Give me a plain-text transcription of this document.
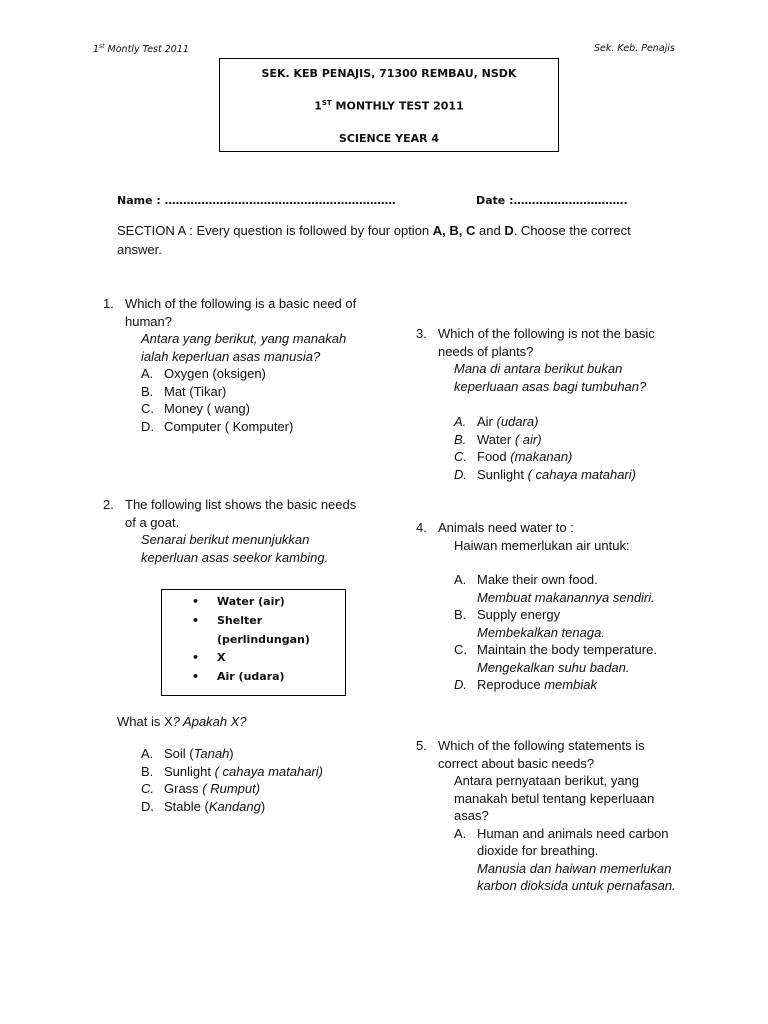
1st Montly Test 2011	Sek. Keb. Penajis
SEK. KEB PENAJIS, 71300 REMBAU, NSDK
1ST MONTHLY TEST 2011
SCIENCE YEAR 4
Name : ………………………………………………………	Date :………………………….
SECTION A : Every question is followed by four option A, B, C and D. Choose the correct answer.
1. Which of the following is a basic need of human?
Antara yang berikut, yang manakah ialah keperluan asas manusia?
A. Oxygen (oksigen)
B. Mat (Tikar)
C. Money ( wang)
D. Computer ( Komputer)
2. The following list shows the basic needs of a goat.
Senarai berikut menunjukkan keperluan asas seekor kambing.
• Water (air)
• Shelter
(perlindungan)
• X
• Air (udara)
What is X? Apakah X?
A. Soil (Tanah)
B. Sunlight ( cahaya matahari)
C. Grass ( Rumput)
D. Stable (Kandang)
3. Which of the following is not the basic needs of plants?
Mana di antara berikut bukan keperluaan asas bagi tumbuhan?
A. Air (udara)
B. Water ( air)
C. Food (makanan)
D. Sunlight ( cahaya matahari)
4. Animals need water to :
Haiwan memerlukan air untuk:
A. Make their own food.
Membuat makanannya sendiri.
B. Supply energy
Membekalkan tenaga.
C. Maintain the body temperature.
Mengekalkan suhu badan.
D. Reproduce membiak
5. Which of the following statements is correct about basic needs?
Antara pernyataan berikut, yang manakah betul tentang keperluaan asas?
A. Human and animals need carbon dioxide for breathing.
Manusia dan haiwan memerlukan karbon dioksida untuk pernafasan.
